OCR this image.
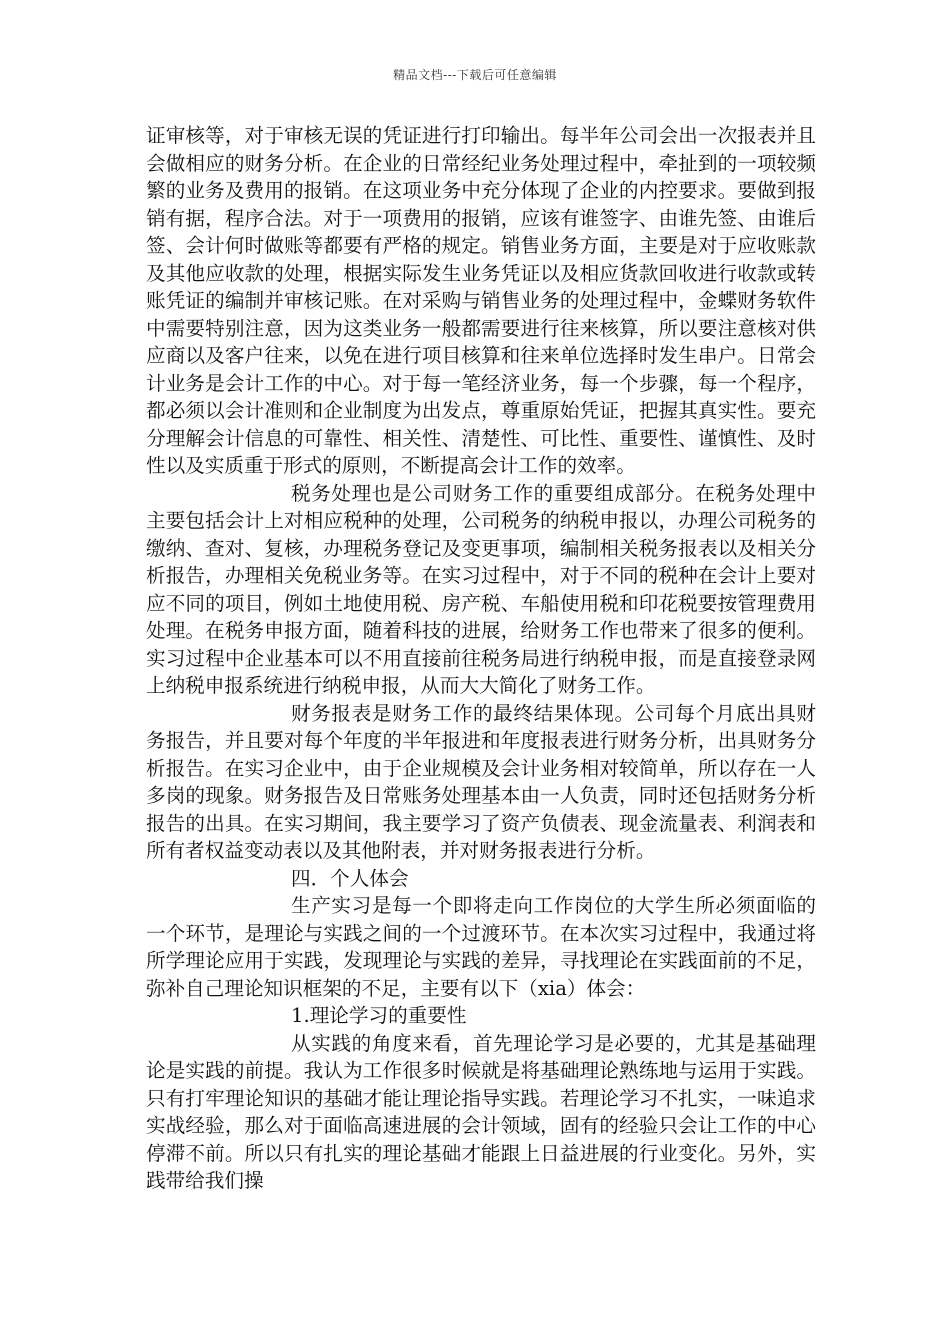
精品文档---下载后可任意编辑

证审核等，对于审核无误的凭证进行打印输出。每半年公司会出一次报表并且会做相应的财务分析。在企业的日常经纪业务处理过程中，牵扯到的一项较频繁的业务及费用的报销。在这项业务中充分体现了企业的内控要求。要做到报销有据，程序合法。对于一项费用的报销，应该有谁签字、由谁先签、由谁后签、会计何时做账等都要有严格的规定。销售业务方面，主要是对于应收账款及其他应收款的处理，根据实际发生业务凭证以及相应货款回收进行收款或转账凭证的编制并审核记账。在对采购与销售业务的处理过程中，金蝶财务软件中需要特别注意，因为这类业务一般都需要进行往来核算，所以要注意核对供应商以及客户往来，以免在进行项目核算和往来单位选择时发生串户。日常会计业务是会计工作的中心。对于每一笔经济业务，每一个步骤，每一个程序，都必须以会计准则和企业制度为出发点，尊重原始凭证，把握其真实性。要充分理解会计信息的可靠性、相关性、清楚性、可比性、重要性、谨慎性、及时性以及实质重于形式的原则，不断提高会计工作的效率。

税务处理也是公司财务工作的重要组成部分。在税务处理中主要包括会计上对相应税种的处理，公司税务的纳税申报以，办理公司税务的缴纳、查对、复核，办理税务登记及变更事项，编制相关税务报表以及相关分析报告，办理相关免税业务等。在实习过程中，对于不同的税种在会计上要对应不同的项目，例如土地使用税、房产税、车船使用税和印花税要按管理费用处理。在税务申报方面，随着科技的进展，给财务工作也带来了很多的便利。实习过程中企业基本可以不用直接前往税务局进行纳税申报，而是直接登录网上纳税申报系统进行纳税申报，从而大大简化了财务工作。

财务报表是财务工作的最终结果体现。公司每个月底出具财务报告，并且要对每个年度的半年报进和年度报表进行财务分析，出具财务分析报告。在实习企业中，由于企业规模及会计业务相对较简单，所以存在一人多岗的现象。财务报告及日常账务处理基本由一人负责，同时还包括财务分析报告的出具。在实习期间，我主要学习了资产负债表、现金流量表、利润表和所有者权益变动表以及其他附表，并对财务报表进行分析。

四．个人体会

生产实习是每一个即将走向工作岗位的大学生所必须面临的一个环节，是理论与实践之间的一个过渡环节。在本次实习过程中，我通过将所学理论应用于实践，发现理论与实践的差异，寻找理论在实践面前的不足，弥补自己理论知识框架的不足，主要有以下（xia）体会：

1.理论学习的重要性

从实践的角度来看，首先理论学习是必要的，尤其是基础理论是实践的前提。我认为工作很多时候就是将基础理论熟练地与运用于实践。只有打牢理论知识的基础才能让理论指导实践。若理论学习不扎实，一味追求实战经验，那么对于面临高速进展的会计领域，固有的经验只会让工作的中心停滞不前。所以只有扎实的理论基础才能跟上日益进展的行业变化。另外，实践带给我们操
